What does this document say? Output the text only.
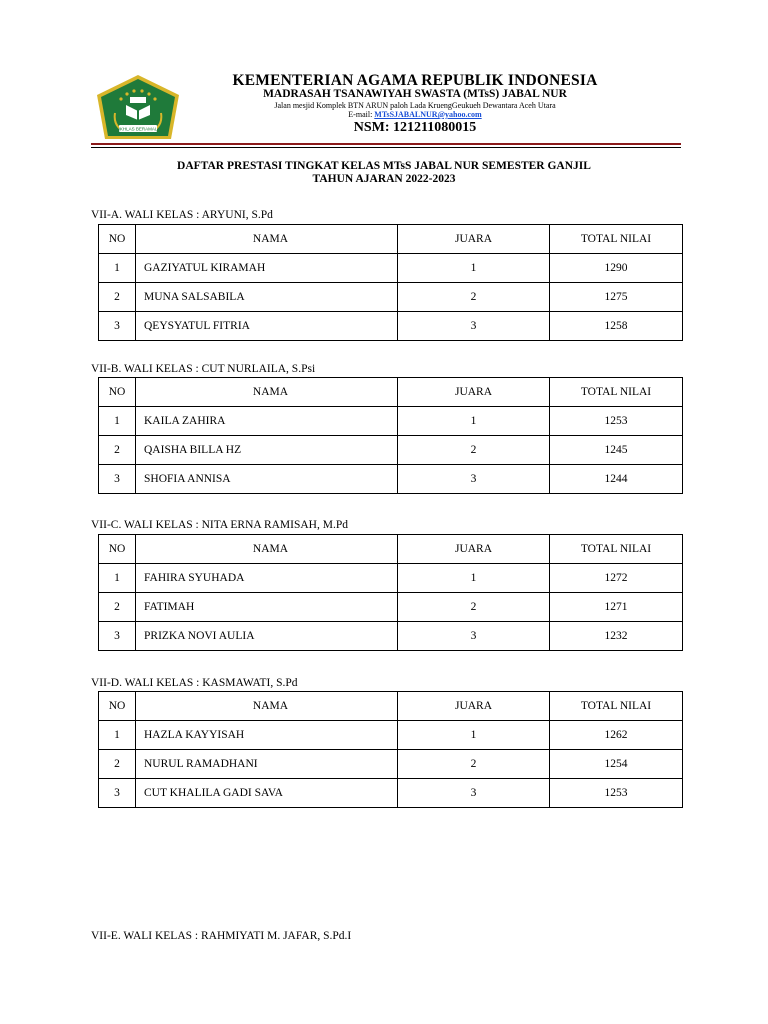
IKHLAS BERAMAL
KEMENTERIAN AGAMA REPUBLIK INDONESIA
MADRASAH TSANAWIYAH SWASTA (MTsS) JABAL NUR
Jalan mesjid Komplek BTN ARUN paloh Lada KruengGeukueh Dewantara Aceh Utara
E-mail: MTsSJABALNUR@yahoo.com
NSM: 121211080015
DAFTAR PRESTASI TINGKAT KELAS MTsS JABAL NUR SEMESTER GANJIL
TAHUN AJARAN 2022-2023
VII-A. WALI KELAS : ARYUNI, S.Pd
NO	NAMA	JUARA	TOTAL NILAI
1	GAZIYATUL KIRAMAH	1	1290
2	MUNA SALSABILA	2	1275
3	QEYSYATUL FITRIA	3	1258
VII-B. WALI KELAS : CUT NURLAILA, S.Psi
NO	NAMA	JUARA	TOTAL NILAI
1	KAILA ZAHIRA	1	1253
2	QAISHA BILLA HZ	2	1245
3	SHOFIA ANNISA	3	1244
VII-C. WALI KELAS : NITA ERNA RAMISAH, M.Pd
NO	NAMA	JUARA	TOTAL NILAI
1	FAHIRA SYUHADA	1	1272
2	FATIMAH	2	1271
3	PRIZKA NOVI AULIA	3	1232
VII-D. WALI KELAS : KASMAWATI, S.Pd
NO	NAMA	JUARA	TOTAL NILAI
1	HAZLA KAYYISAH	1	1262
2	NURUL RAMADHANI	2	1254
3	CUT KHALILA GADI SAVA	3	1253
VII-E. WALI KELAS : RAHMIYATI M. JAFAR, S.Pd.I
